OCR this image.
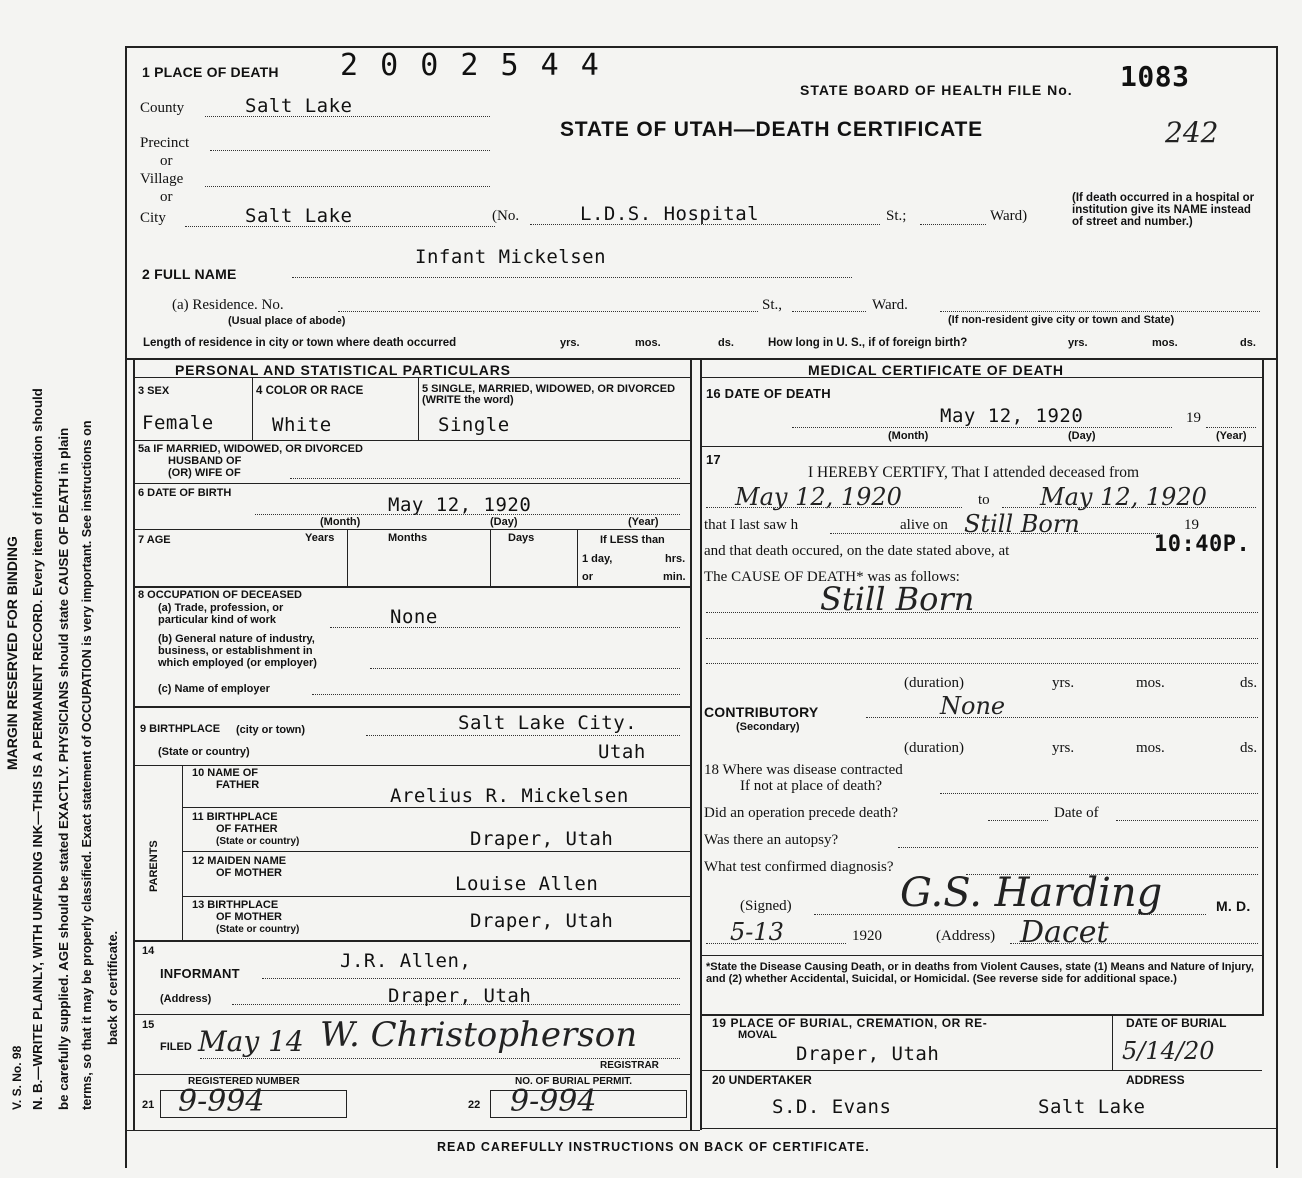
MARGIN RESERVED FOR BINDING N. B.—WRITE PLAINLY, WITH UNFADING INK—THIS IS A PERMANENT RECORD. Every item of information should be carefully supplied. AGE should be stated EXACTLY. PHYSICIANS should state CAUSE OF DEATH in plain terms, so that it may be properly classified. Exact statement of OCCUPATION is very important. See instructions on back of certificate.
V. S. No. 98
1 PLACE OF DEATH 2 0 0 2 5 4 4
STATE BOARD OF HEALTH FILE No. 1083
STATE OF UTAH—DEATH CERTIFICATE	242
County	Salt Lake
Precinct
or
Village
or
City	Salt Lake	(No.	L.D.S. Hospital	St.;	Ward)
(If death occurred in a hospital or institution give its NAME instead of street and number.)
2 FULL NAME
Infant Mickelsen
(a) Residence. No.
(Usual place of abode)
St.,	Ward.
(If non-resident give city or town and State)
Length of residence in city or town where death occurred	yrs.	mos.	ds.	How long in U. S., if of foreign birth?	yrs.	mos.	ds.
PERSONAL AND STATISTICAL PARTICULARS	MEDICAL CERTIFICATE OF DEATH
3 SEX
Female
4 COLOR OR RACE
White
5 SINGLE, MARRIED, WIDOWED, OR DIVORCED (WRITE the word)
Single
5a IF MARRIED, WIDOWED, OR DIVORCED
HUSBAND OF
(OR) WIFE OF
6 DATE OF BIRTH
May 12, 1920
(Month)	(Day)	(Year)
7 AGE	Years	Months	Days	If LESS than
1 day,	hrs.
or	min.
8 OCCUPATION OF DECEASED
(a) Trade, profession, or
particular kind of work	None
(b) General nature of industry,
business, or establishment in
which employed (or employer)
(c) Name of employer
9 BIRTHPLACE (city or town)	Salt Lake City.
(State or country)	Utah
PARENTS
10 NAME OF
FATHER	Arelius R. Mickelsen
11 BIRTHPLACE
OF FATHER
(State or country)	Draper, Utah
12 MAIDEN NAME
OF MOTHER	Louise Allen
13 BIRTHPLACE
OF MOTHER
(State or country)	Draper, Utah
14
INFORMANT
J.R. Allen,
(Address)	Draper, Utah
15
FILED May 14 W. Christopherson
REGISTRAR
REGISTERED NUMBER	NO. OF BURIAL PERMIT.
21	22
9-994	9-994
16 DATE OF DEATH
May 12, 1920	19
(Month)	(Day)	(Year)
17
I HEREBY CERTIFY, That I attended deceased from
May 12, 1920	to May 12, 1920
that I last saw h	alive on Still Born	19
and that death occured, on the date stated above, at	10:40P.
The CAUSE OF DEATH* was as follows:
Still Born
(duration)	yrs.	mos.	ds.
CONTRIBUTORY
(Secondary)
None
(duration)	yrs.	mos.	ds.
18 Where was disease contracted
If not at place of death?
Did an operation precede death?	Date of
Was there an autopsy?
What test confirmed diagnosis?
(Signed)	G.S. Harding	M. D.
5-13	1920	(Address) Dacet
*State the Disease Causing Death, or in deaths from Violent Causes, state (1) Means and Nature of Injury, and (2) whether Accidental, Suicidal, or Homicidal. (See reverse side for additional space.)
19 PLACE OF BURIAL, CREMATION, OR RE-
MOVAL
Draper, Utah
DATE OF BURIAL
5/14/20
20 UNDERTAKER	ADDRESS
S.D. Evans	Salt Lake
READ CAREFULLY INSTRUCTIONS ON BACK OF CERTIFICATE.
